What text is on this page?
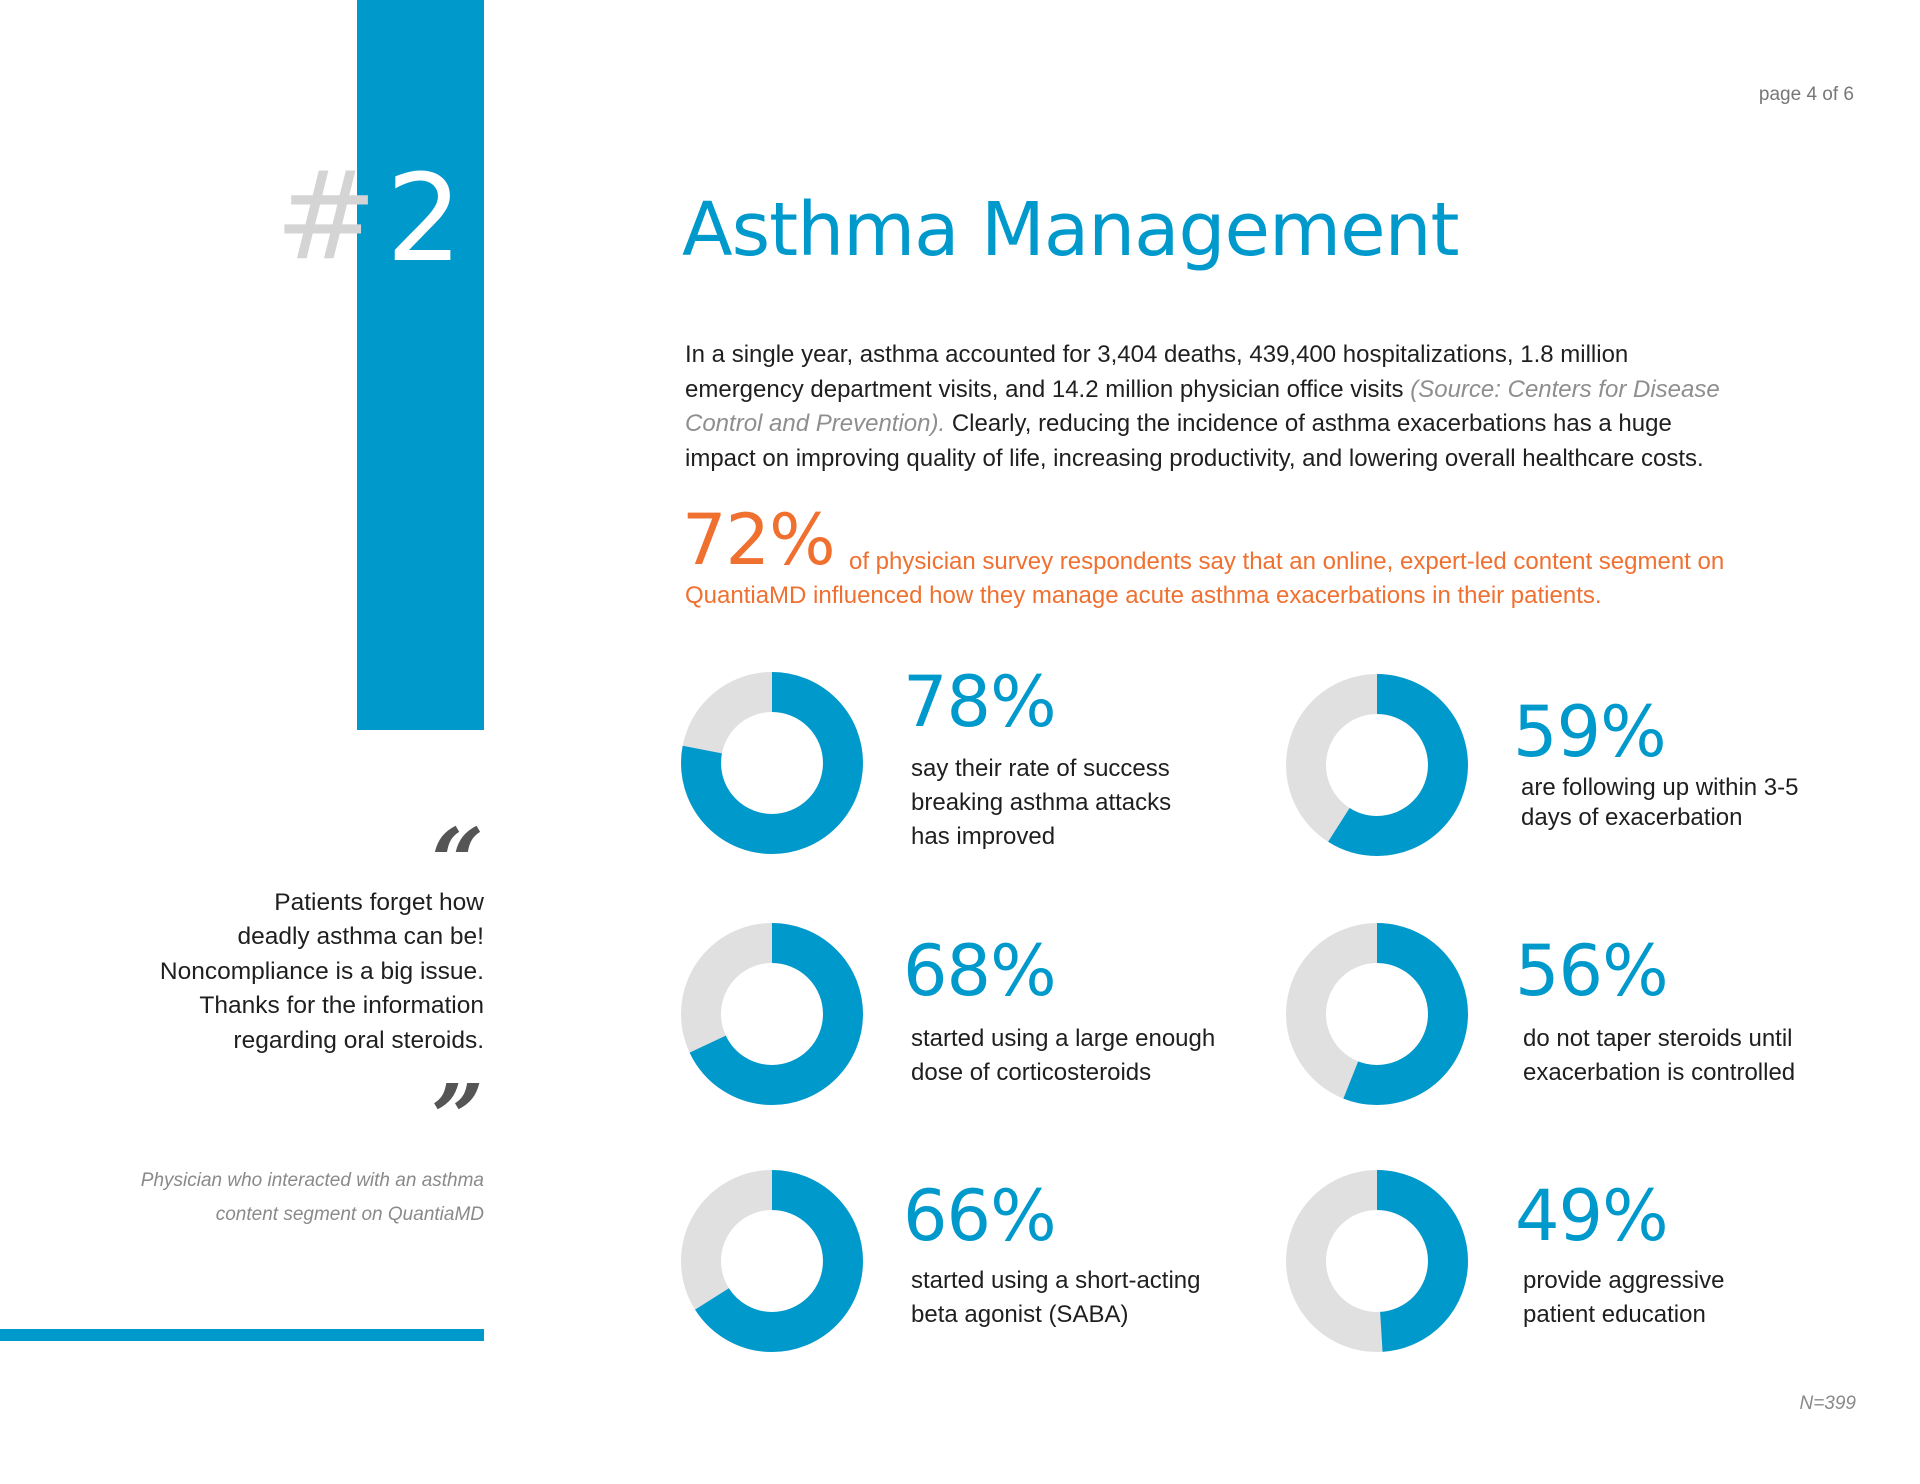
# 2
“
Patients forget how
deadly asthma can be!
Noncompliance is a big issue.
Thanks for the information
regarding oral steroids.
”
Physician who interacted with an asthma
content segment on QuantiaMD
page 4 of 6
Asthma Management
In a single year, asthma accounted for 3,404 deaths, 439,400 hospitalizations, 1.8 million
emergency department visits, and 14.2 million physician office visits (Source: Centers for Disease
Control and Prevention). Clearly, reducing the incidence of asthma exacerbations has a huge
impact on improving quality of life, increasing productivity, and lowering overall healthcare costs.
72% of physician survey respondents say that an online, expert-led content segment on
QuantiaMD influenced how they manage acute asthma exacerbations in their patients.
78%
say their rate of success
breaking asthma attacks
has improved
59%
are following up within 3-5
days of exacerbation
68%
started using a large enough
dose of corticosteroids
56%
do not taper steroids until
exacerbation is controlled
66%
started using a short-acting
beta agonist (SABA)
49%
provide aggressive
patient education
N=399
